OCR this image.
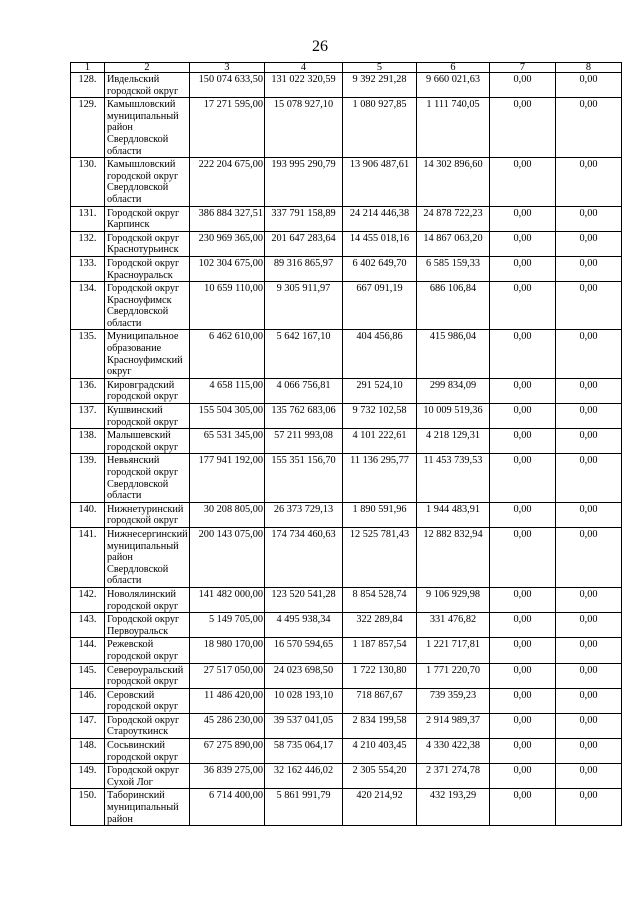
26
1	2	3	4	5	6	7	8
128.	Ивдельский городской округ	150 074 633,50	131 022 320,59	9 392 291,28	9 660 021,63	0,00	0,00
129.	Камышловский муниципальный район Свердловской области	17 271 595,00	15 078 927,10	1 080 927,85	1 111 740,05	0,00	0,00
130.	Камышловский городской округ Свердловской области	222 204 675,00	193 995 290,79	13 906 487,61	14 302 896,60	0,00	0,00
131.	Городской округ Карпинск	386 884 327,51	337 791 158,89	24 214 446,38	24 878 722,23	0,00	0,00
132.	Городской округ Краснотурьинск	230 969 365,00	201 647 283,64	14 455 018,16	14 867 063,20	0,00	0,00
133.	Городской округ Красноуральск	102 304 675,00	89 316 865,97	6 402 649,70	6 585 159,33	0,00	0,00
134.	Городской округ Красноуфимск Свердловской области	10 659 110,00	9 305 911,97	667 091,19	686 106,84	0,00	0,00
135.	Муниципальное образование Красноуфимский округ	6 462 610,00	5 642 167,10	404 456,86	415 986,04	0,00	0,00
136.	Кировградский городской округ	4 658 115,00	4 066 756,81	291 524,10	299 834,09	0,00	0,00
137.	Кушвинский городской округ	155 504 305,00	135 762 683,06	9 732 102,58	10 009 519,36	0,00	0,00
138.	Малышевский городской округ	65 531 345,00	57 211 993,08	4 101 222,61	4 218 129,31	0,00	0,00
139.	Невьянский городской округ Свердловской области	177 941 192,00	155 351 156,70	11 136 295,77	11 453 739,53	0,00	0,00
140.	Нижнетуринский городской округ	30 208 805,00	26 373 729,13	1 890 591,96	1 944 483,91	0,00	0,00
141.	Нижнесергинский муниципальный район Свердловской области	200 143 075,00	174 734 460,63	12 525 781,43	12 882 832,94	0,00	0,00
142.	Новолялинский городской округ	141 482 000,00	123 520 541,28	8 854 528,74	9 106 929,98	0,00	0,00
143.	Городской округ Первоуральск	5 149 705,00	4 495 938,34	322 289,84	331 476,82	0,00	0,00
144.	Режевской городской округ	18 980 170,00	16 570 594,65	1 187 857,54	1 221 717,81	0,00	0,00
145.	Североуральский городской округ	27 517 050,00	24 023 698,50	1 722 130,80	1 771 220,70	0,00	0,00
146.	Серовский городской округ	11 486 420,00	10 028 193,10	718 867,67	739 359,23	0,00	0,00
147.	Городской округ Староуткинск	45 286 230,00	39 537 041,05	2 834 199,58	2 914 989,37	0,00	0,00
148.	Сосьвинский городской округ	67 275 890,00	58 735 064,17	4 210 403,45	4 330 422,38	0,00	0,00
149.	Городской округ Сухой Лог	36 839 275,00	32 162 446,02	2 305 554,20	2 371 274,78	0,00	0,00
150.	Таборинский муниципальный район	6 714 400,00	5 861 991,79	420 214,92	432 193,29	0,00	0,00
